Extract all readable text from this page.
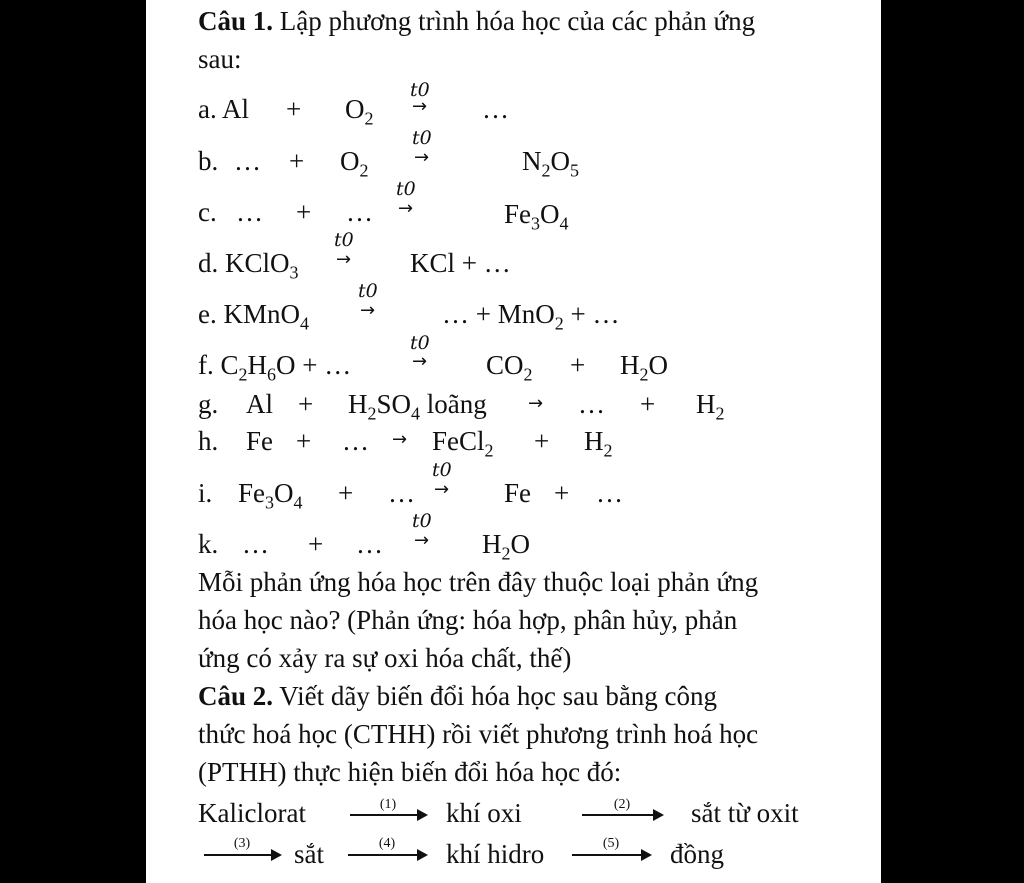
Câu 1. Lập phương trình hóa học của các phản ứng
sau:
a. $Al + O_2$
t0
→ …
b. … + $O_2$
t0
→	$N_2O_5$
c. … + …
t0
→	$Fe_3O_4$
d. KClO$_3$
t0
→ KCl + …
e. KMnO$_4$
t0
→ … + MnO$_2$ + …
f. $C_2H_6O$ + …
t0
→ $CO_2 + H_2O$
g. $Al + H_2SO_4$ loãng → … + $H_2$
h. Fe + … → FeCl$_2$ + $H_2$
i. $Fe_3O_4$ + …
t0
→ Fe + …
k. … + …
t0
→ $H_2O$
Mỗi phản ứng hóa học trên đây thuộc loại phản ứng
hóa học nào? (Phản ứng: hóa hợp, phân hủy, phản
ứng có xảy ra sự oxi hóa chất, thế)
Câu 2. Viết dãy biến đổi hóa học sau bằng công
thức hoá học (CTHH) rồi viết phương trình hoá học
(PTHH) thực hiện biến đổi hóa học đó:
Kaliclorat	(1)	khí oxi	(2)	sắt từ oxit
(3)	sắt	(4)	khí hidro	(5)	đồng
